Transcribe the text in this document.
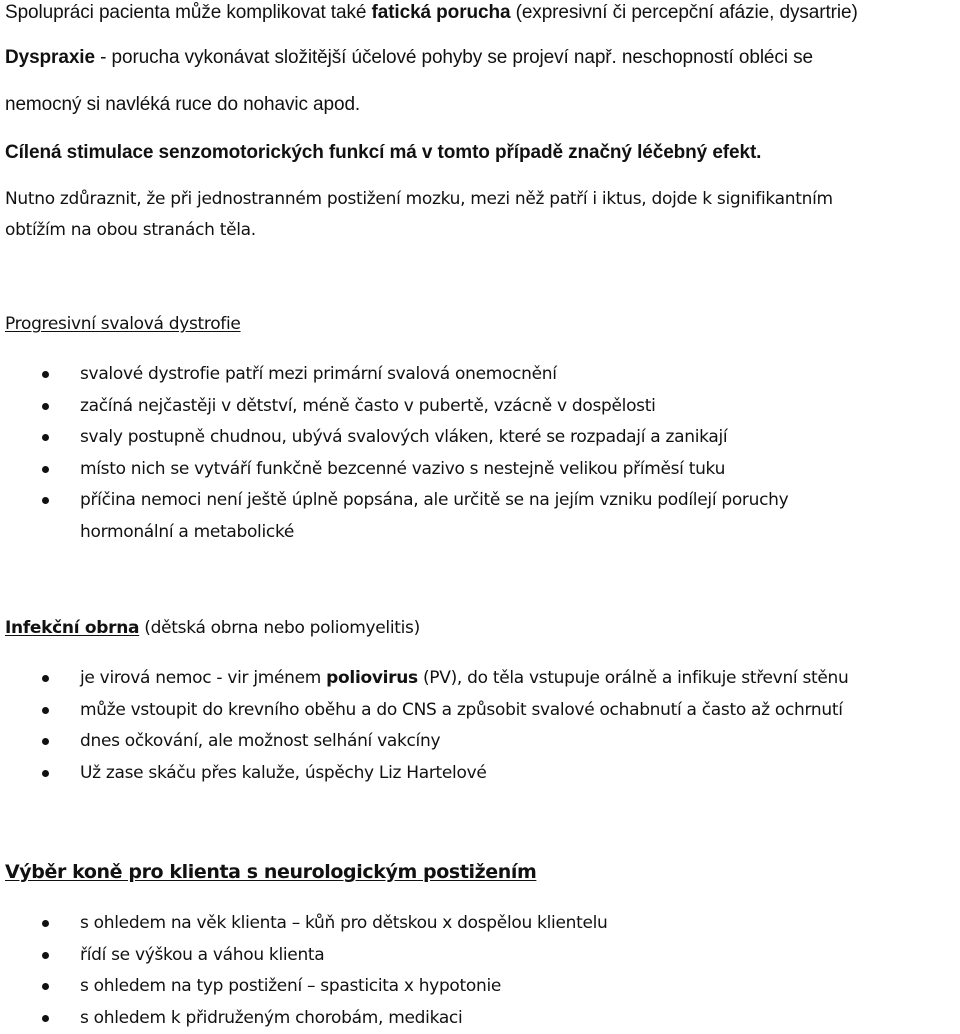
Spolupráci pacienta může komplikovat také fatická porucha (expresivní či percepční afázie, dysartrie)
Dyspraxie - porucha vykonávat složitější účelové pohyby se projeví např. neschopností obléci se
nemocný si navléká ruce do nohavic apod.
Cílená stimulace senzomotorických funkcí má v tomto případě značný léčebný efekt.
Nutno zdůraznit, že při jednostranném postižení mozku, mezi něž patří i iktus, dojde k signifikantním
obtížím na obou stranách těla.
Progresivní svalová dystrofie
svalové dystrofie patří mezi primární svalová onemocnění
začíná nejčastěji v dětství, méně často v pubertě, vzácně v dospělosti
svaly postupně chudnou, ubývá svalových vláken, které se rozpadají a zanikají
místo nich se vytváří funkčně bezcenné vazivo s nestejně velikou příměsí tuku
příčina nemoci není ještě úplně popsána, ale určitě se na jejím vzniku podílejí poruchy
hormonální a metabolické
Infekční obrna (dětská obrna nebo poliomyelitis)
je virová nemoc - vir jménem poliovirus (PV), do těla vstupuje orálně a infikuje střevní stěnu
může vstoupit do krevního oběhu a do CNS a způsobit svalové ochabnutí a často až ochrnutí
dnes očkování, ale možnost selhání vakcíny
Už zase skáču přes kaluže, úspěchy Liz Hartelové
Výběr koně pro klienta s neurologickým postižením
s ohledem na věk klienta – kůň pro dětskou x dospělou klientelu
řídí se výškou a váhou klienta
s ohledem na typ postižení – spasticita x hypotonie
s ohledem k přidruženým chorobám, medikaci
